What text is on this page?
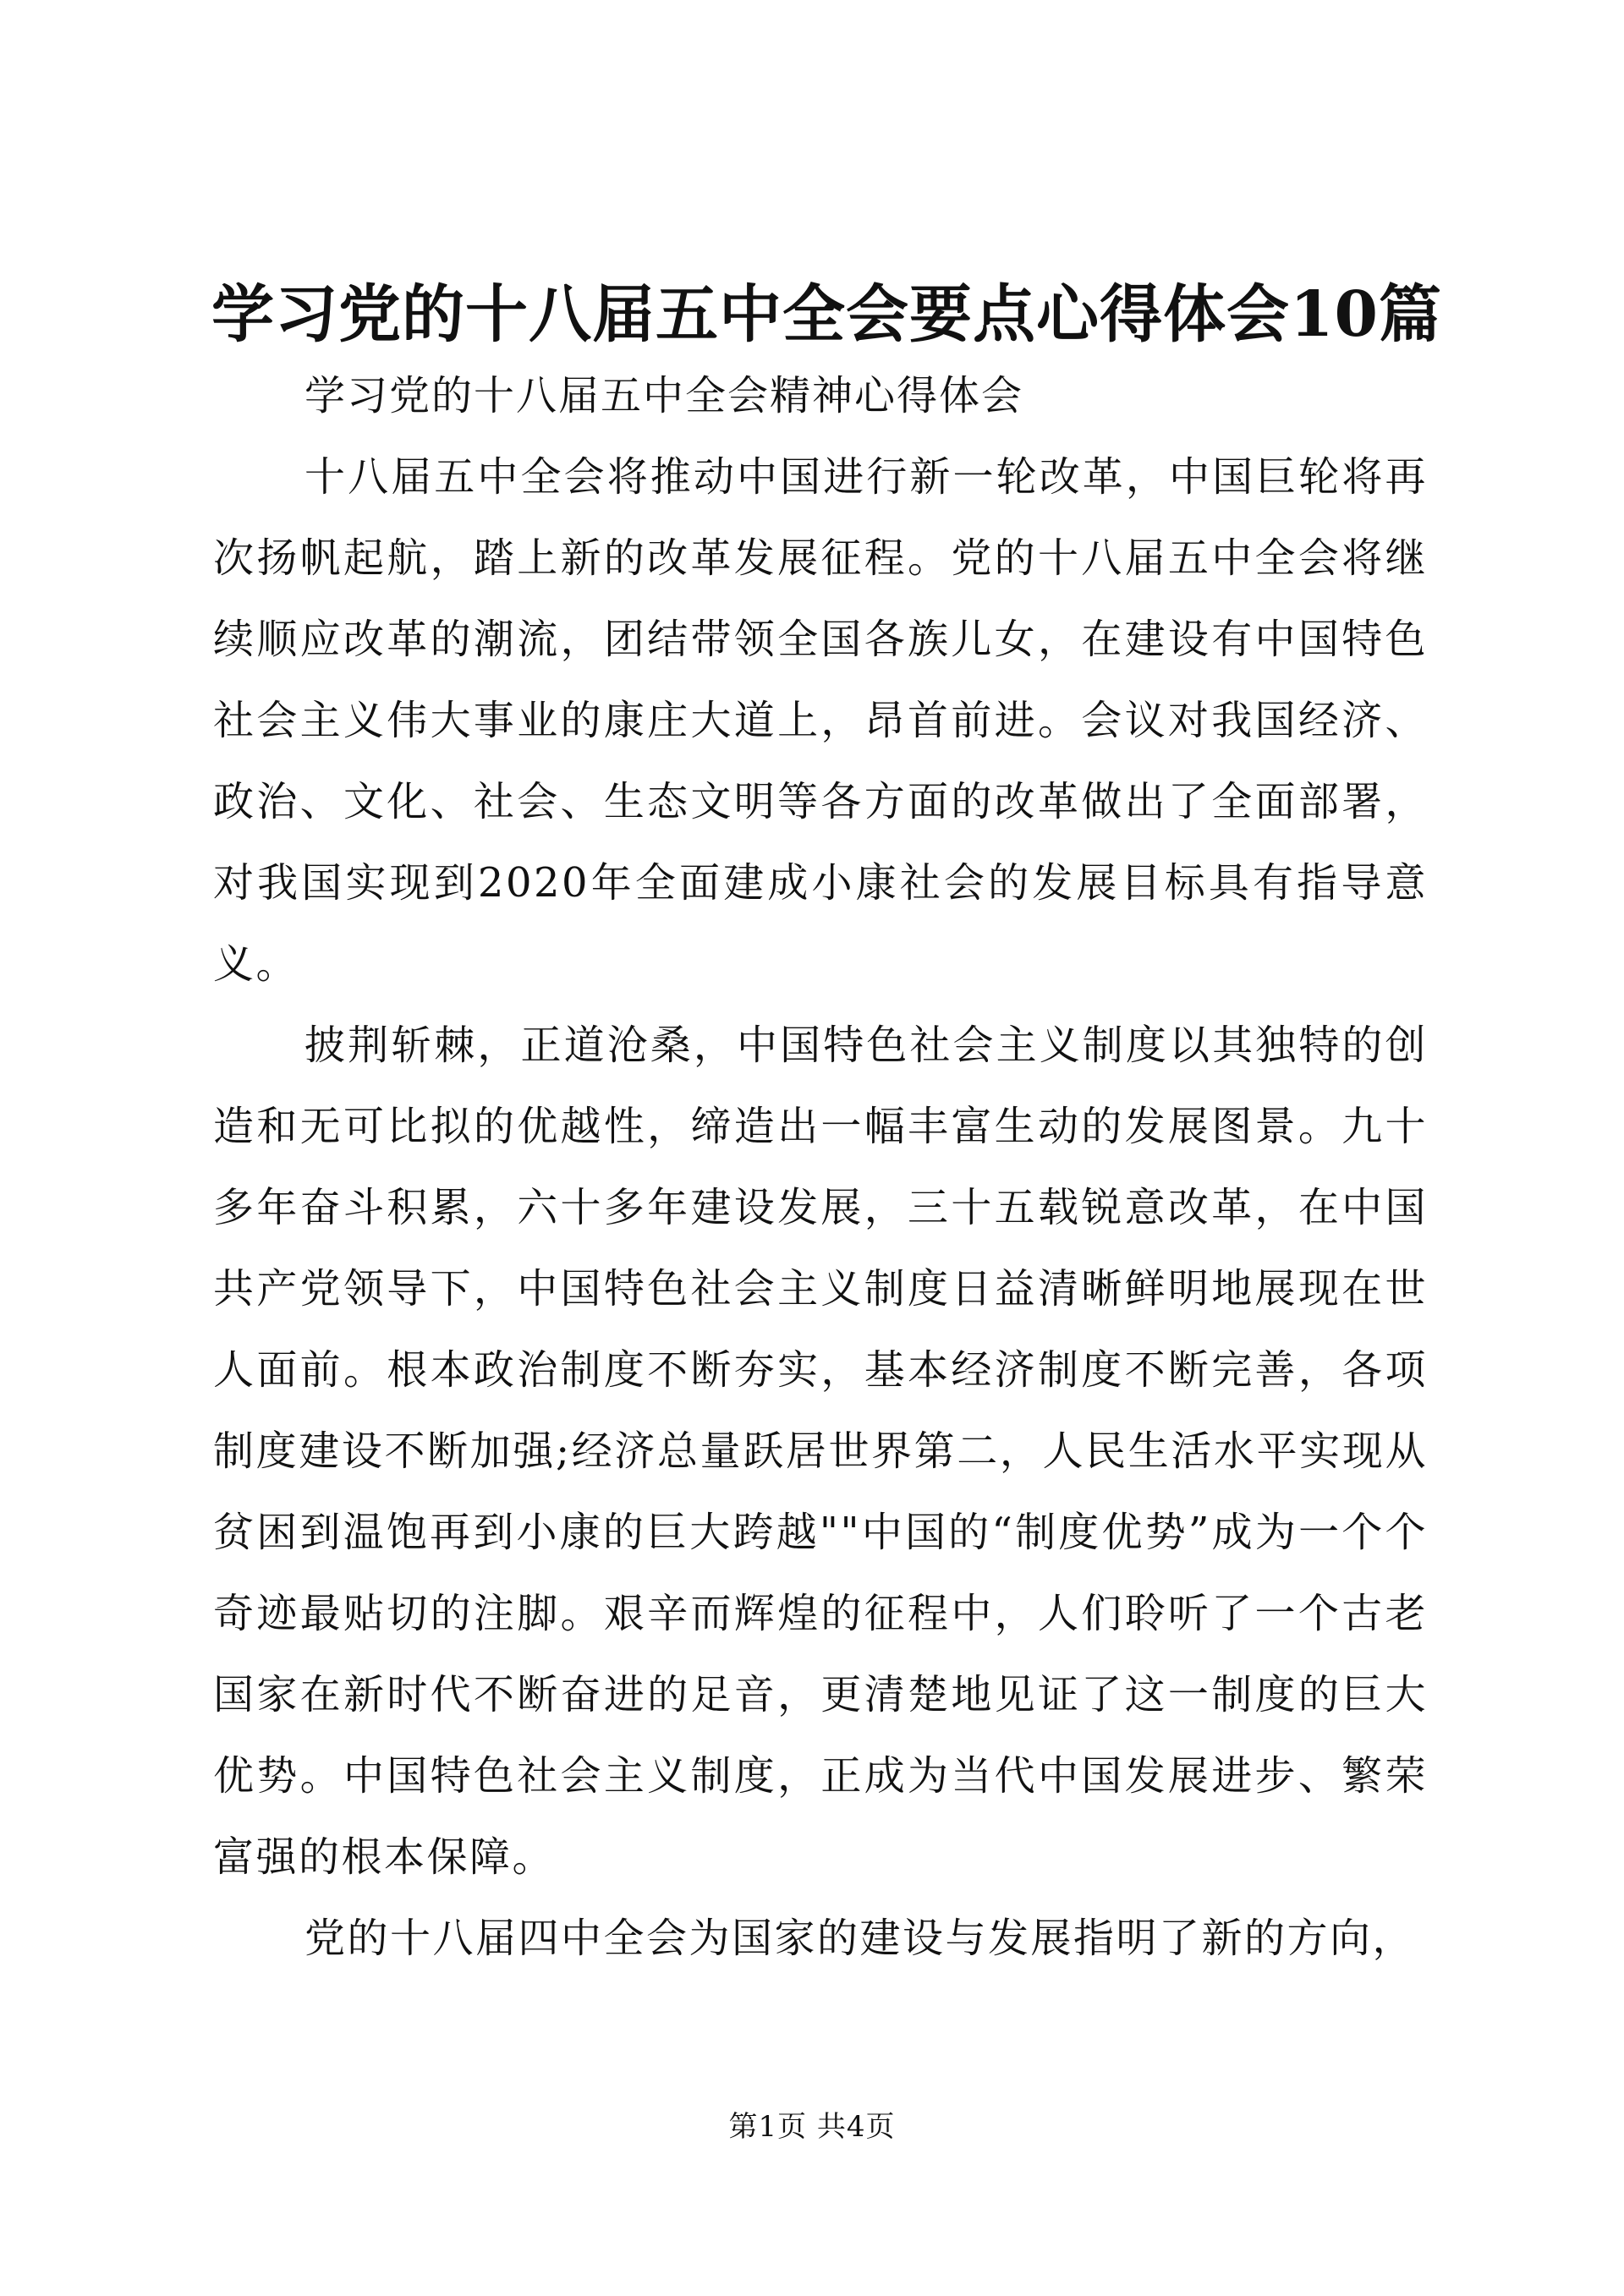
学习党的十八届五中全会要点心得体会10篇

学习党的十八届五中全会精神心得体会

十八届五中全会将推动中国进行新一轮改革，中国巨轮将再次扬帆起航，踏上新的改革发展征程。党的十八届五中全会将继续顺应改革的潮流，团结带领全国各族儿女，在建设有中国特色社会主义伟大事业的康庄大道上，昂首前进。会议对我国经济、政治、文化、社会、生态文明等各方面的改革做出了全面部署，对我国实现到2020年全面建成小康社会的发展目标具有指导意义。

披荆斩棘，正道沧桑，中国特色社会主义制度以其独特的创造和无可比拟的优越性，缔造出一幅丰富生动的发展图景。九十多年奋斗积累，六十多年建设发展，三十五载锐意改革，在中国共产党领导下，中国特色社会主义制度日益清晰鲜明地展现在世人面前。根本政治制度不断夯实，基本经济制度不断完善，各项制度建设不断加强;经济总量跃居世界第二，人民生活水平实现从贫困到温饱再到小康的巨大跨越""中国的“制度优势”成为一个个奇迹最贴切的注脚。艰辛而辉煌的征程中，人们聆听了一个古老国家在新时代不断奋进的足音，更清楚地见证了这一制度的巨大优势。中国特色社会主义制度，正成为当代中国发展进步、繁荣富强的根本保障。

党的十八届四中全会为国家的建设与发展指明了新的方向，

第1页 共4页
